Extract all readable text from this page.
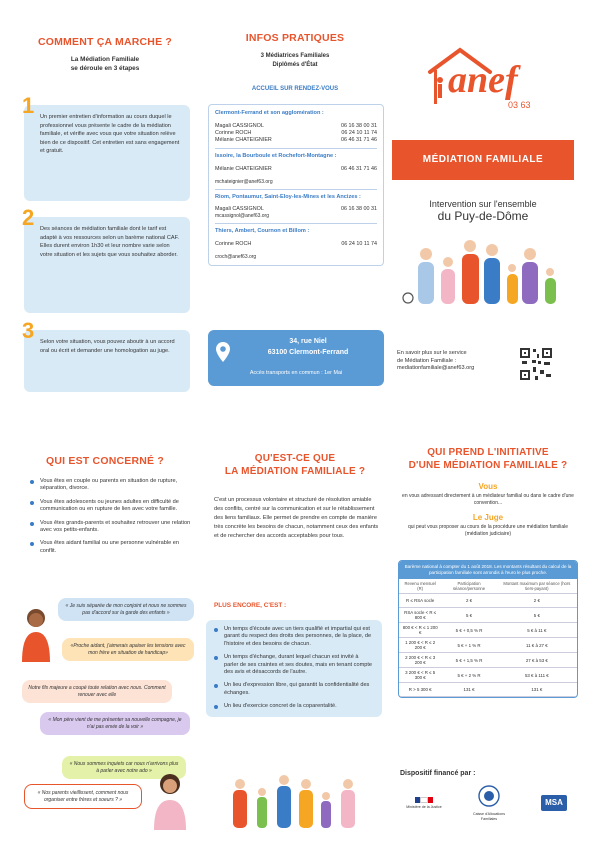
COMMENT ÇA MARCHE ?
La Médiation Familiale
se déroule en 3 étapes
Un premier entretien d'information au cours duquel le professionnel vous présente le cadre de la médiation familiale, et vérifie avec vous que votre situation relève bien de ce dispositif. Cet entretien est sans engagement et gratuit.
1
Des séances de médiation familiale dont le tarif est adapté à vos ressources selon un barème national CAF. Elles durent environ 1h30 et leur nombre varie selon votre situation et les sujets que vous souhaitez aborder.
2
Selon votre situation, vous pouvez aboutir à un accord oral ou écrit et demander une homologation au juge.
3
INFOS PRATIQUES
3 Médiatrices Familiales
Diplômés d'État
ACCUEIL SUR RENDEZ-VOUS
Clermont-Ferrand et son agglomération :
Magali CASSIGNOL	06 16 38 00 31
Corinne ROCH	06 24 10 11 74
Mélanie CHATEIGNIER	06 46 31 71 46
Issoire, la Bourboule et Rochefort-Montagne :
Mélanie CHATEIGNIER	06 46 31 71 46
mchateignier@anef63.org
Riom, Pontaumur, Saint-Eloy-les-Mines et les Ancizes :
Magali CASSIGNOL	06 16 38 00 31
mcassignol@anef63.org
Thiers, Ambert, Cournon et Billom :
Corinne ROCH	06 24 10 11 74
croch@anef63.org
34, rue Niel
63100 Clermont-Ferrand
Accès transports en commun : 1er Mai
anef
03 63
MÉDIATION FAMILIALE
Intervention sur l'ensemble
du Puy-de-Dôme
En savoir plus sur le service
de Médiation Familiale :
mediationfamiliale@anef63.org
QUI EST CONCERNÉ ?
Vous êtes en couple ou parents en situation de rupture, séparation, divorce.
Vous êtes adolescents ou jeunes adultes en difficulté de communication ou en rupture de lien avec votre famille.
Vous êtes grands-parents et souhaitez retrouver une relation avec vos petits-enfants.
Vous êtes aidant familial ou une personne vulnérable en conflit.
« Je suis séparée de mon conjoint et nous ne sommes pas d'accord sur la garde des enfants »
«Proche aidant, j'aimerais apaiser les tensions avec mon frère en situation de handicap»
Notre fils majeure a coupé toute relation avec nous. Comment renouer avec elle
« Mon père vient de me présenter sa nouvelle compagne, je n'ai pas envie de la voir »
« Nous sommes inquiets car nous n'arrivons plus à parler avec notre ado »
« Nos parents vieillissent, comment nous organiser entre frères et soeurs ? »
QU'EST-CE QUE
LA MÉDIATION FAMILIALE ?
C'est un processus volontaire et structuré de résolution amiable des conflits, centré sur la communication et sur le rétablissement des liens familiaux. Elle permet de prendre en compte de manière très concrète les besoins de chacun, notamment ceux des enfants et de rechercher des accords acceptables pour tous.
PLUS ENCORE, C'EST :
Un temps d'écoute avec un tiers qualifié et impartial qui est garant du respect des droits des personnes, de la place, de l'histoire et des besoins de chacun.
Un temps d'échange, durant lequel chacun est invité à parler de ses craintes et ses doutes, mais en tenant compte des avis et désaccords de l'autre.
Un lieu d'expression libre, qui garantit la confidentialité des échanges.
Un lieu d'exercice concret de la coparentalité.
QUI PREND L'INITIATIVE
D'UNE MÉDIATION FAMILIALE ?
Vous
en vous adressant directement à un médiateur familial ou dans le cadre d'une convention...
Le Juge
qui peut vous proposer au cours de la procédure une médiation familiale (médiation judiciaire)
Barème national à compter du 1 août 2018. Les montants résultant du calcul de la participation familiale sont arrondis à l'euro le plus proche.
Revenu mensuel (R)	Participation séance/personne	Montant maximum par séance (hors tiers-payant)
R ≤ RSA socle	2 €	2 €
RSA socle < R ≤ 800 €	5 €	5 €
800 € < R ≤ 1 200 €	5 € + 0,5 % R	5 € à 11 €
1 200 € < R ≤ 2 200 €	5 € + 1 % R	11 € à 27 €
2 200 € < R ≤ 3 200 €	5 € + 1,5 % R	27 € à 53 €
3 200 € < R ≤ 5 300 €	5 € + 2 % R	53 € à 111 €
R > 5 300 €	131 €	131 €
Dispositif financé par :
Ministère de la Justice
Caisse d'Allocations Familiales
MSA
